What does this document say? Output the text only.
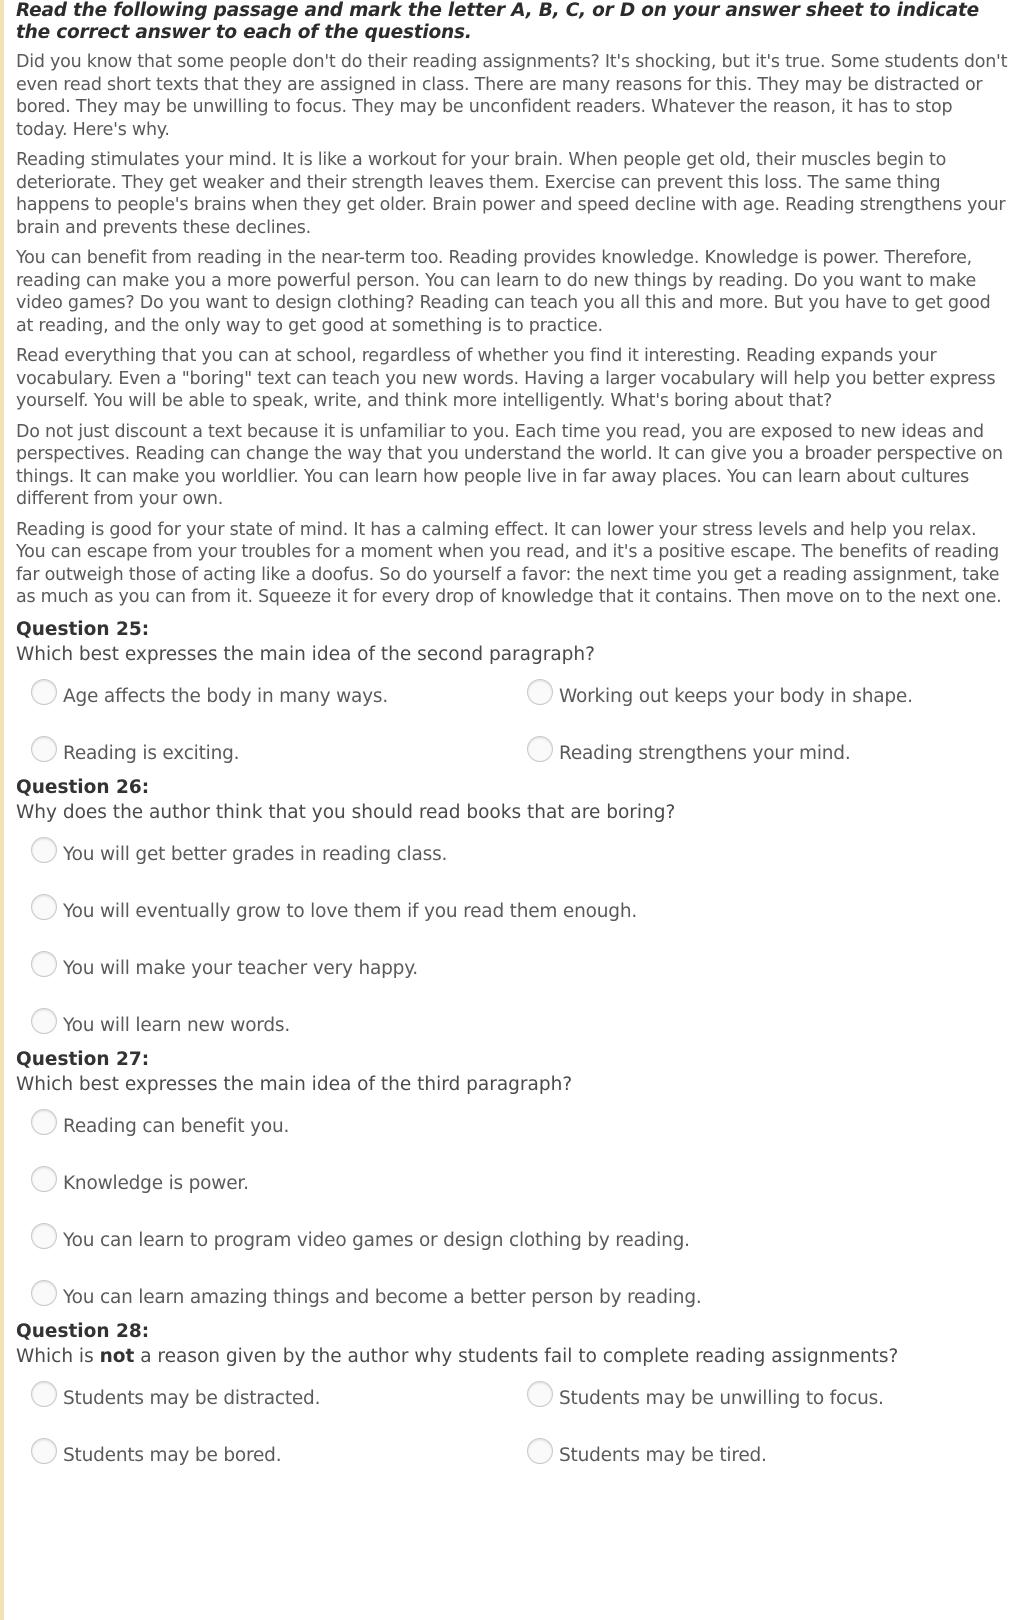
Read the following passage and mark the letter A, B, C, or D on your answer sheet to indicate the correct answer to each of the questions.

Did you know that some people don't do their reading assignments? It's shocking, but it's true. Some students don't even read short texts that they are assigned in class. There are many reasons for this. They may be distracted or bored. They may be unwilling to focus. They may be unconfident readers. Whatever the reason, it has to stop today. Here's why.

Reading stimulates your mind. It is like a workout for your brain. When people get old, their muscles begin to deteriorate. They get weaker and their strength leaves them. Exercise can prevent this loss. The same thing happens to people's brains when they get older. Brain power and speed decline with age. Reading strengthens your brain and prevents these declines.

You can benefit from reading in the near-term too. Reading provides knowledge. Knowledge is power. Therefore, reading can make you a more powerful person. You can learn to do new things by reading. Do you want to make video games? Do you want to design clothing? Reading can teach you all this and more. But you have to get good at reading, and the only way to get good at something is to practice.

Read everything that you can at school, regardless of whether you find it interesting. Reading expands your vocabulary. Even a "boring" text can teach you new words. Having a larger vocabulary will help you better express yourself. You will be able to speak, write, and think more intelligently. What's boring about that?

Do not just discount a text because it is unfamiliar to you. Each time you read, you are exposed to new ideas and perspectives. Reading can change the way that you understand the world. It can give you a broader perspective on things. It can make you worldlier. You can learn how people live in far away places. You can learn about cultures different from your own.

Reading is good for your state of mind. It has a calming effect. It can lower your stress levels and help you relax. You can escape from your troubles for a moment when you read, and it's a positive escape. The benefits of reading far outweigh those of acting like a doofus. So do yourself a favor: the next time you get a reading assignment, take as much as you can from it. Squeeze it for every drop of knowledge that it contains. Then move on to the next one.

Question 25:
Which best expresses the main idea of the second paragraph?
Age affects the body in many ways.	Working out keeps your body in shape.
Reading is exciting.	Reading strengthens your mind.
Question 26:
Why does the author think that you should read books that are boring?
You will get better grades in reading class.
You will eventually grow to love them if you read them enough.
You will make your teacher very happy.
You will learn new words.
Question 27:
Which best expresses the main idea of the third paragraph?
Reading can benefit you.
Knowledge is power.
You can learn to program video games or design clothing by reading.
You can learn amazing things and become a better person by reading.
Question 28:
Which is not a reason given by the author why students fail to complete reading assignments?
Students may be distracted.	Students may be unwilling to focus.
Students may be bored.	Students may be tired.
